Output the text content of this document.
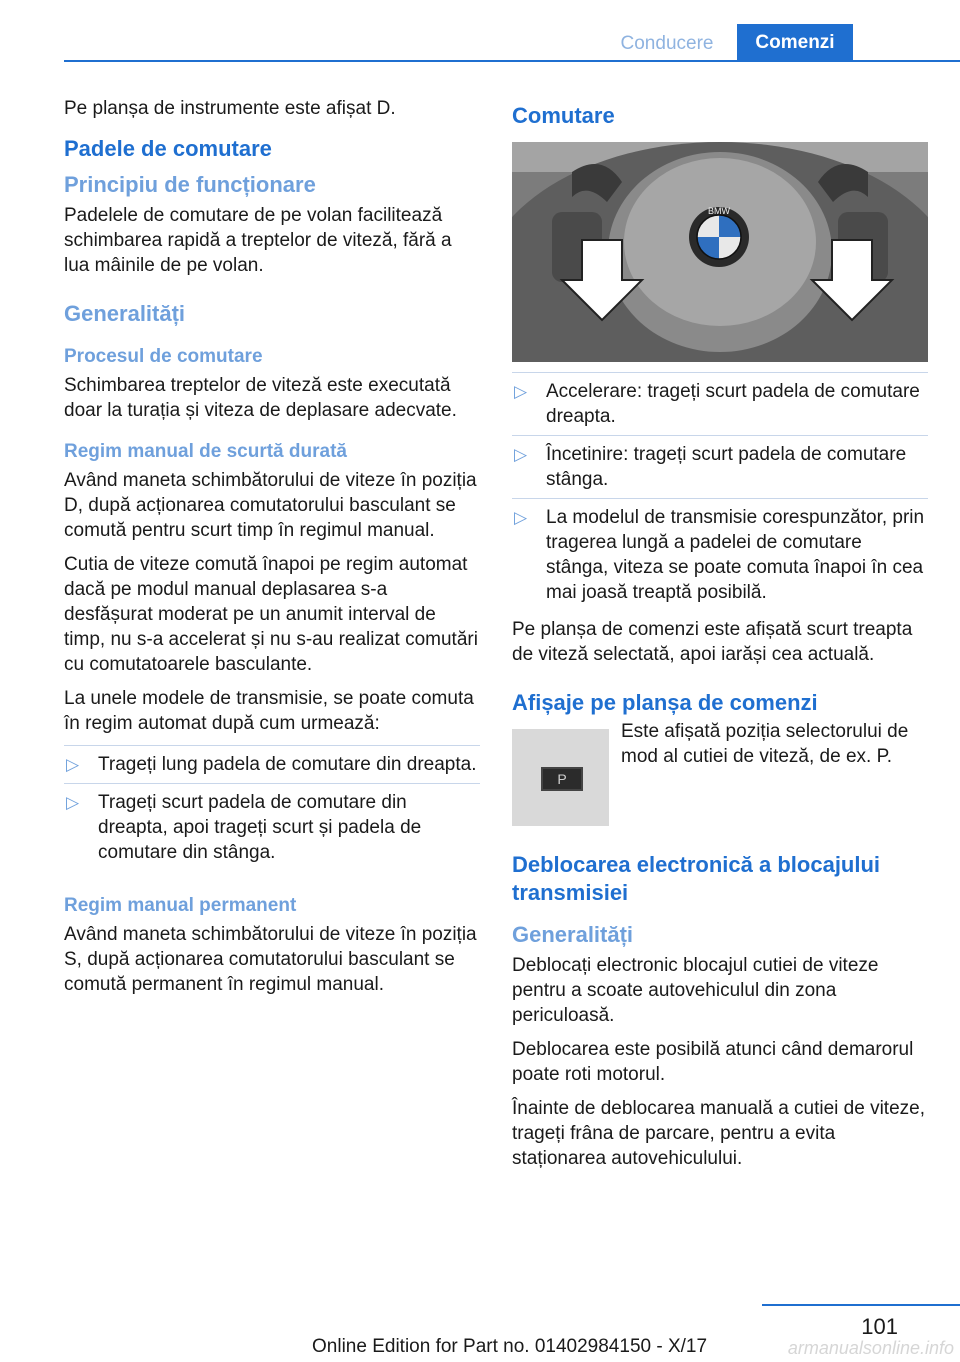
Conducere	Comenzi

Pe planșa de instrumente este afișat D.

Padele de comutare
Principiu de funcționare

Padelele de comutare de pe volan facilitează schimbarea rapidă a treptelor de viteză, fără a lua mâinile de pe volan.

Generalități
Procesul de comutare

Schimbarea treptelor de viteză este executată doar la turația și viteza de deplasare adecvate.

Regim manual de scurtă durată

Având maneta schimbătorului de viteze în poziția D, după acționarea comutatorului basculant se comută pentru scurt timp în regimul manual.

Cutia de viteze comută înapoi pe regim automat dacă pe modul manual deplasarea s-a desfășurat moderat pe un anumit interval de timp, nu s-a accelerat și nu s-au realizat comutări cu comutatoarele basculante.

La unele modele de transmisie, se poate comuta în regim automat după cum urmează:

▷ Trageți lung padela de comutare din dreapta.
▷ Trageți scurt padela de comutare din dreapta, apoi trageți scurt și padela de comutare din stânga.
Regim manual permanent

Având maneta schimbătorului de viteze în poziția S, după acționarea comutatorului basculant se comută permanent în regimul manual.

Comutare
BMW
▷ Accelerare: trageți scurt padela de comutare dreapta.
▷ Încetinire: trageți scurt padela de comutare stânga.
▷ La modelul de transmisie corespunzător, prin tragerea lungă a padelei de comutare stânga, viteza se poate comuta înapoi în cea mai joasă treaptă posibilă.

Pe planșa de comenzi este afișată scurt treapta de viteză selectată, apoi iarăși cea actuală.

Afișaje pe planșa de comenzi
P
Este afișată poziția selectorului de mod al cutiei de viteză, de ex. P.
Deblocarea electronică a blocajului transmisiei
Generalități

Deblocați electronic blocajul cutiei de viteze pentru a scoate autovehiculul din zona periculoasă.

Deblocarea este posibilă atunci când demarorul poate roti motorul.

Înainte de deblocarea manuală a cutiei de viteze, trageți frâna de parcare, pentru a evita staționarea autovehiculului.

101
Online Edition for Part no. 01402984150 - X/17	armanualsonline.info
